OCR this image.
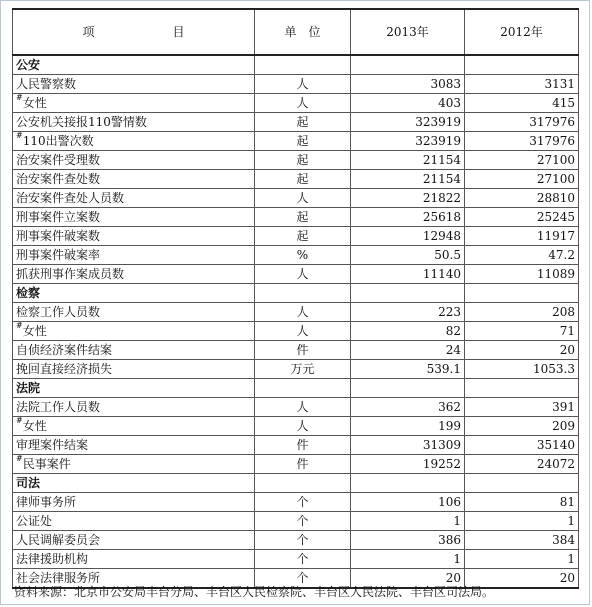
项 目	单　位	2013年	2012年
公安			
人民警察数	人	3083	3131
#女性	人	403	415
公安机关接报110警情数	起	323919	317976
#110出警次数	起	323919	317976
治安案件受理数	起	21154	27100
治安案件查处数	起	21154	27100
治安案件查处人员数	人	21822	28810
刑事案件立案数	起	25618	25245
刑事案件破案数	起	12948	11917
刑事案件破案率	%	50.5	47.2
抓获刑事作案成员数	人	11140	11089
检察			
检察工作人员数	人	223	208
#女性	人	82	71
自侦经济案件结案	件	24	20
挽回直接经济损失	万元	539.1	1053.3
法院			
法院工作人员数	人	362	391
#女性	人	199	209
审理案件结案	件	31309	35140
#民事案件	件	19252	24072
司法			
律师事务所	个	106	81
公证处	个	1	1
人民调解委员会	个	386	384
法律援助机构	个	1	1
社会法律服务所	个	20	20
资料来源：北京市公安局丰台分局、丰台区人民检察院、丰台区人民法院、丰台区司法局。
